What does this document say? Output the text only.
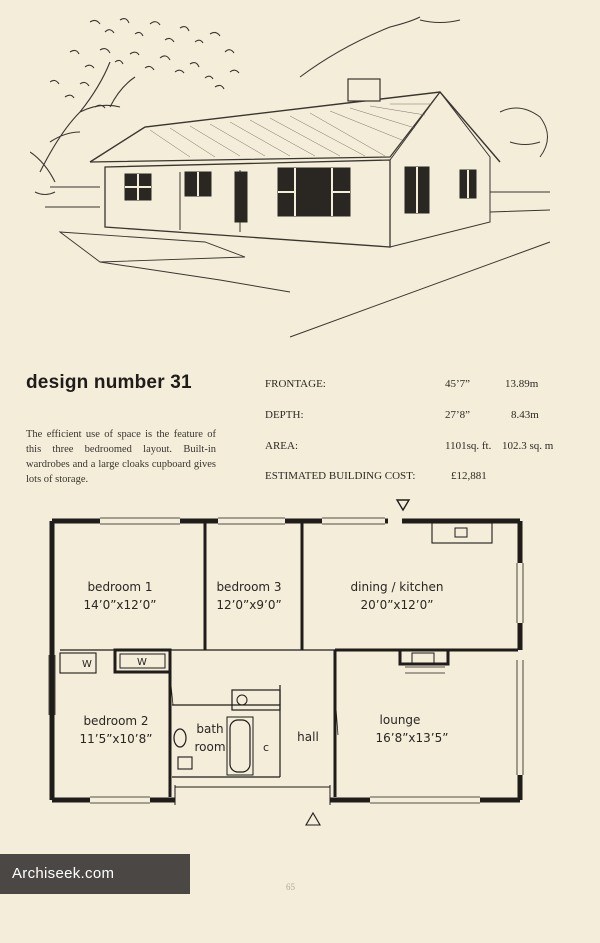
design number 31
The efficient use of space is the feature of this three bedroomed layout. Built-in wardrobes and a large cloaks cupboard gives lots of storage.
FRONTAGE:	45’7”	13.89m
DEPTH:	27’8”	8.43m
AREA:	1101sq. ft. 102.3 sq. m
ESTIMATED BUILDING COST:	£12,881
bedroom 1
14’0”x12’0”
bedroom 3
12’0”x9’0”
dining / kitchen
20’0”x12’0”
bedroom 2
11’5”x10’8”
bath
room
hall
lounge
16’8”x13’5”
c
W	W
Archiseek.com
65
